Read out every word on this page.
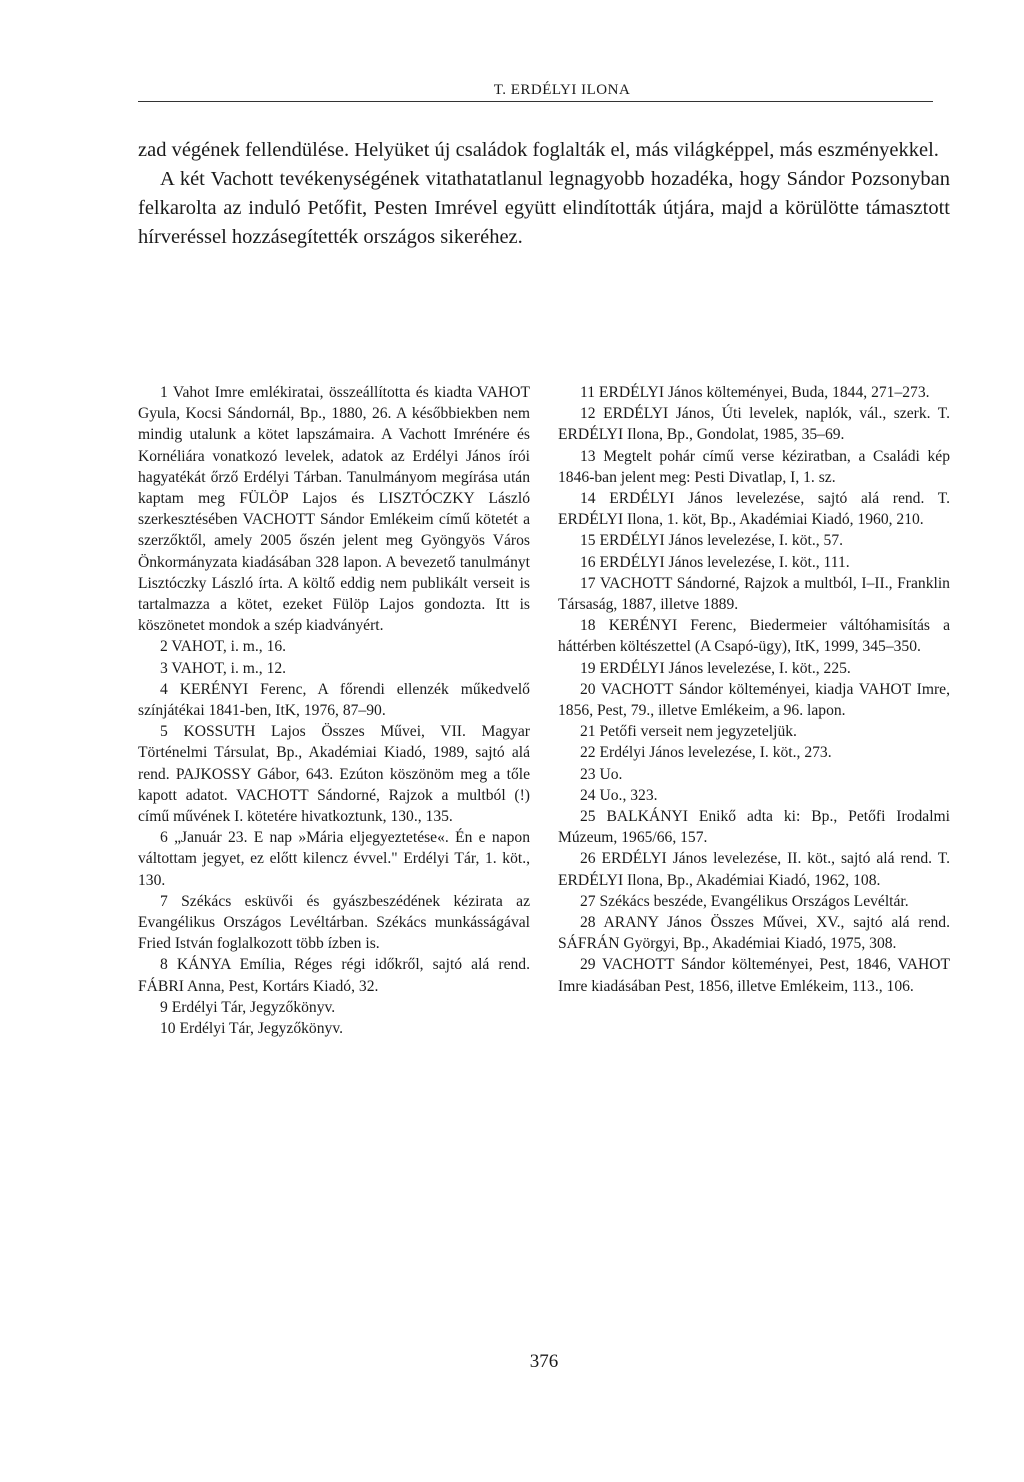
T. ERDÉLYI ILONA

zad végének fellendülése. Helyüket új családok foglalták el, más világképpel, más eszményekkel.

A két Vachott tevékenységének vitathatatlanul legnagyobb hozadéka, hogy Sándor Pozsonyban felkarolta az induló Petőfit, Pesten Imrével együtt elindították útjára, majd a körülötte támasztott hírveréssel hozzásegítették országos sikeréhez.

1 Vahot Imre emlékiratai, összeállította és kiadta VAHOT Gyula, Kocsi Sándornál, Bp., 1880, 26. A későbbiekben nem mindig utalunk a kötet lapszámaira. A Vachott Imrénére és Kornéliára vonatkozó levelek, adatok az Erdélyi János írói hagyatékát őrző Erdélyi Tárban. Tanulmányom megírása után kaptam meg FÜLÖP Lajos és LISZTÓCZKY László szerkesztésében VACHOTT Sándor Emlékeim című kötetét a szerzőktől, amely 2005 őszén jelent meg Gyöngyös Város Önkormányzata kiadásában 328 lapon. A bevezető tanulmányt Lisztóczky László írta. A költő eddig nem publikált verseit is tartalmazza a kötet, ezeket Fülöp Lajos gondozta. Itt is köszönetet mondok a szép kiadványért.

2 VAHOT, i. m., 16.

3 VAHOT, i. m., 12.

4 KERÉNYI Ferenc, A főrendi ellenzék műkedvelő színjátékai 1841-ben, ItK, 1976, 87–90.

5 KOSSUTH Lajos Összes Művei, VII. Magyar Történelmi Társulat, Bp., Akadémiai Kiadó, 1989, sajtó alá rend. PAJKOSSY Gábor, 643. Ezúton köszönöm meg a tőle kapott adatot. VACHOTT Sándorné, Rajzok a multból (!) című művének I. kötetére hivatkoztunk, 130., 135.

6 „Január 23. E nap »Mária eljegyeztetése«. Én e napon váltottam jegyet, ez előtt kilencz évvel." Erdélyi Tár, 1. köt., 130.

7 Székács esküvői és gyászbeszédének kézirata az Evangélikus Országos Levéltárban. Székács munkásságával Fried István foglalkozott több ízben is.

8 KÁNYA Emília, Réges régi időkről, sajtó alá rend. FÁBRI Anna, Pest, Kortárs Kiadó, 32.

9 Erdélyi Tár, Jegyzőkönyv.

10 Erdélyi Tár, Jegyzőkönyv.

11 ERDÉLYI János költeményei, Buda, 1844, 271–273.

12 ERDÉLYI János, Úti levelek, naplók, vál., szerk. T. ERDÉLYI Ilona, Bp., Gondolat, 1985, 35–69.

13 Megtelt pohár című verse kéziratban, a Családi kép 1846-ban jelent meg: Pesti Divatlap, I, 1. sz.

14 ERDÉLYI János levelezése, sajtó alá rend. T. ERDÉLYI Ilona, 1. köt, Bp., Akadémiai Kiadó, 1960, 210.

15 ERDÉLYI János levelezése, I. köt., 57.

16 ERDÉLYI János levelezése, I. köt., 111.

17 VACHOTT Sándorné, Rajzok a multból, I–II., Franklin Társaság, 1887, illetve 1889.

18 KERÉNYI Ferenc, Biedermeier váltóhamisítás a háttérben költészettel (A Csapó-ügy), ItK, 1999, 345–350.

19 ERDÉLYI János levelezése, I. köt., 225.

20 VACHOTT Sándor költeményei, kiadja VAHOT Imre, 1856, Pest, 79., illetve Emlékeim, a 96. lapon.

21 Petőfi verseit nem jegyzeteljük.

22 Erdélyi János levelezése, I. köt., 273.

23 Uo.

24 Uo., 323.

25 BALKÁNYI Enikő adta ki: Bp., Petőfi Irodalmi Múzeum, 1965/66, 157.

26 ERDÉLYI János levelezése, II. köt., sajtó alá rend. T. ERDÉLYI Ilona, Bp., Akadémiai Kiadó, 1962, 108.

27 Székács beszéde, Evangélikus Országos Levéltár.

28 ARANY János Összes Művei, XV., sajtó alá rend. SÁFRÁN Györgyi, Bp., Akadémiai Kiadó, 1975, 308.

29 VACHOTT Sándor költeményei, Pest, 1846, VAHOT Imre kiadásában Pest, 1856, illetve Emlékeim, 113., 106.

376
